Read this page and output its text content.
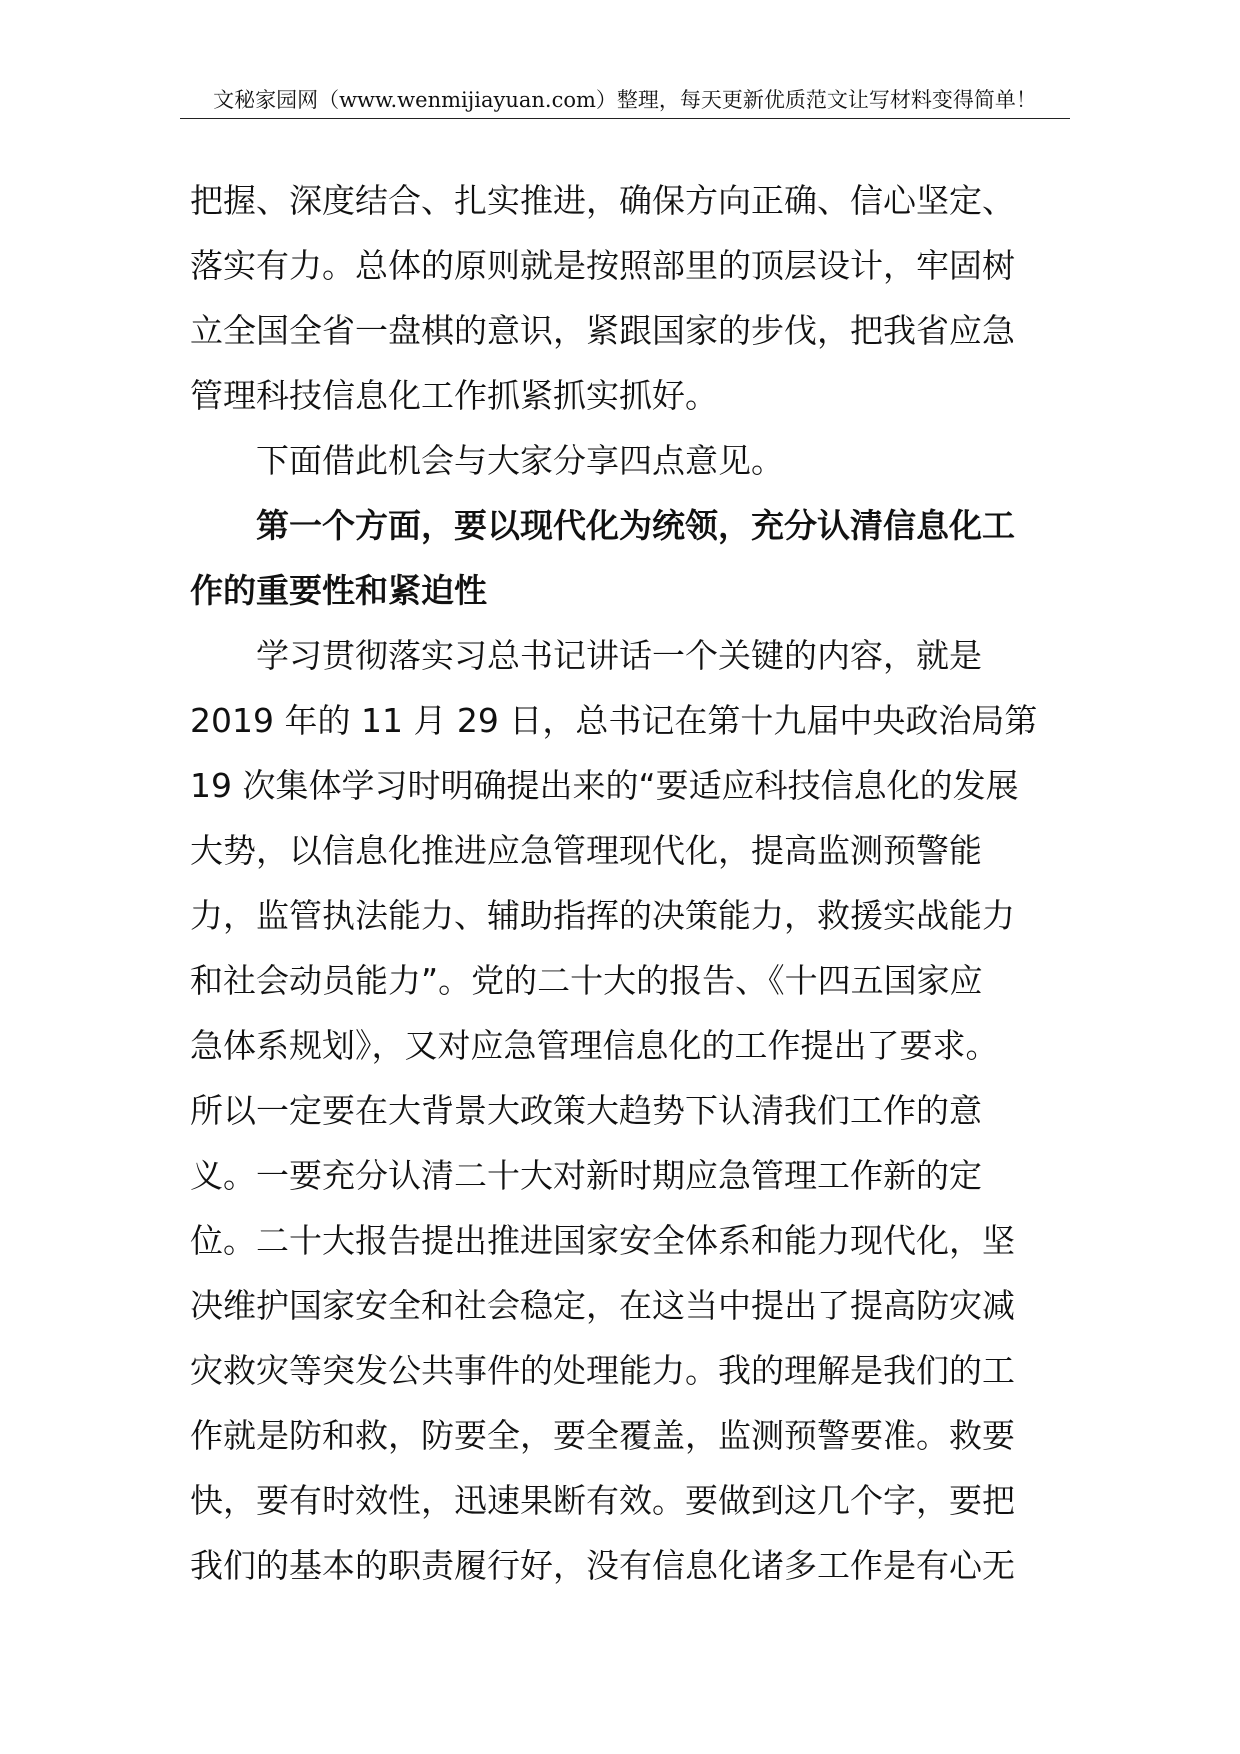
文秘家园网（www.wenmijiayuan.com）整理，每天更新优质范文让写材料变得简单！
把握、深度结合、扎实推进，确保方向正确、信心坚定、
落实有力。总体的原则就是按照部里的顶层设计，牢固树
立全国全省一盘棋的意识，紧跟国家的步伐，把我省应急
管理科技信息化工作抓紧抓实抓好。
下面借此机会与大家分享四点意见。
第一个方面，要以现代化为统领，充分认清信息化工
作的重要性和紧迫性
学习贯彻落实习总书记讲话一个关键的内容，就是
2019 年的 11 月 29 日，总书记在第十九届中央政治局第
19 次集体学习时明确提出来的“要适应科技信息化的发展
大势，以信息化推进应急管理现代化，提高监测预警能
力，监管执法能力、辅助指挥的决策能力，救援实战能力
和社会动员能力”。党的二十大的报告、《十四五国家应
急体系规划》，又对应急管理信息化的工作提出了要求。
所以一定要在大背景大政策大趋势下认清我们工作的意
义。一要充分认清二十大对新时期应急管理工作新的定
位。二十大报告提出推进国家安全体系和能力现代化，坚
决维护国家安全和社会稳定，在这当中提出了提高防灾减
灾救灾等突发公共事件的处理能力。我的理解是我们的工
作就是防和救，防要全，要全覆盖，监测预警要准。救要
快，要有时效性，迅速果断有效。要做到这几个字，要把
我们的基本的职责履行好，没有信息化诸多工作是有心无
